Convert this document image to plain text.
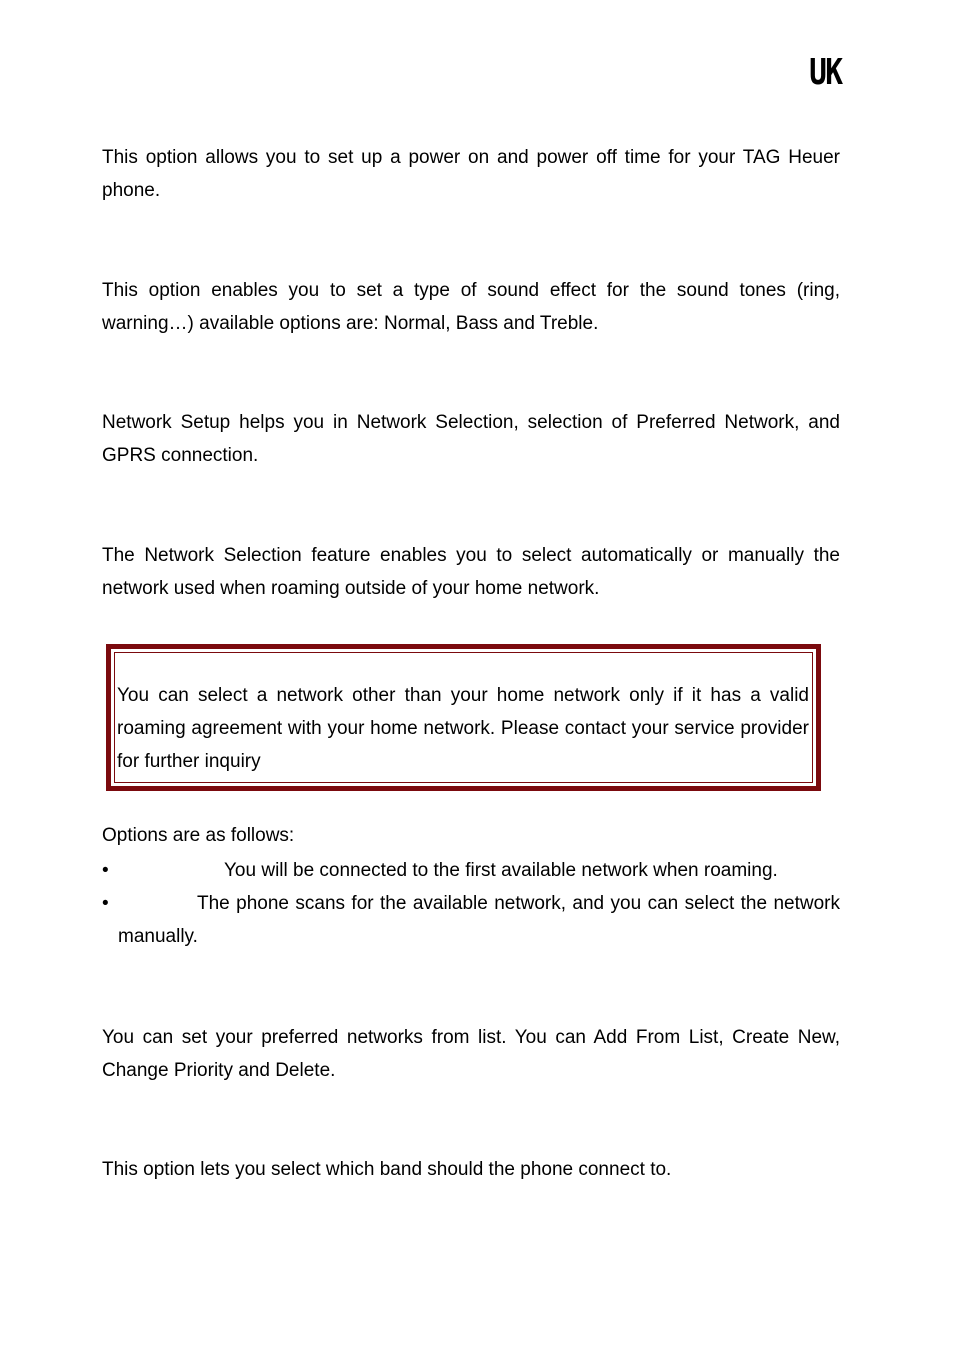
UK

This option allows you to set up a power on and power off time for your TAG Heuer phone.

This option enables you to set a type of sound effect for the sound tones (ring, warning…) available options are: Normal, Bass and Treble.

Network Setup helps you in Network Selection, selection of Preferred Network, and GPRS connection.

The Network Selection feature enables you to select automatically or manually the network used when roaming outside of your home network.

You can select a network other than your home network only if it has a valid roaming agreement with your home network. Please contact your service provider for further inquiry

Options are as follows:

•	You will be connected to the first available network when roaming.
•	The phone scans for the available network, and you can select the network manually.

You can set your preferred networks from list. You can Add From List, Create New, Change Priority and Delete.

This option lets you select which band should the phone connect to.
